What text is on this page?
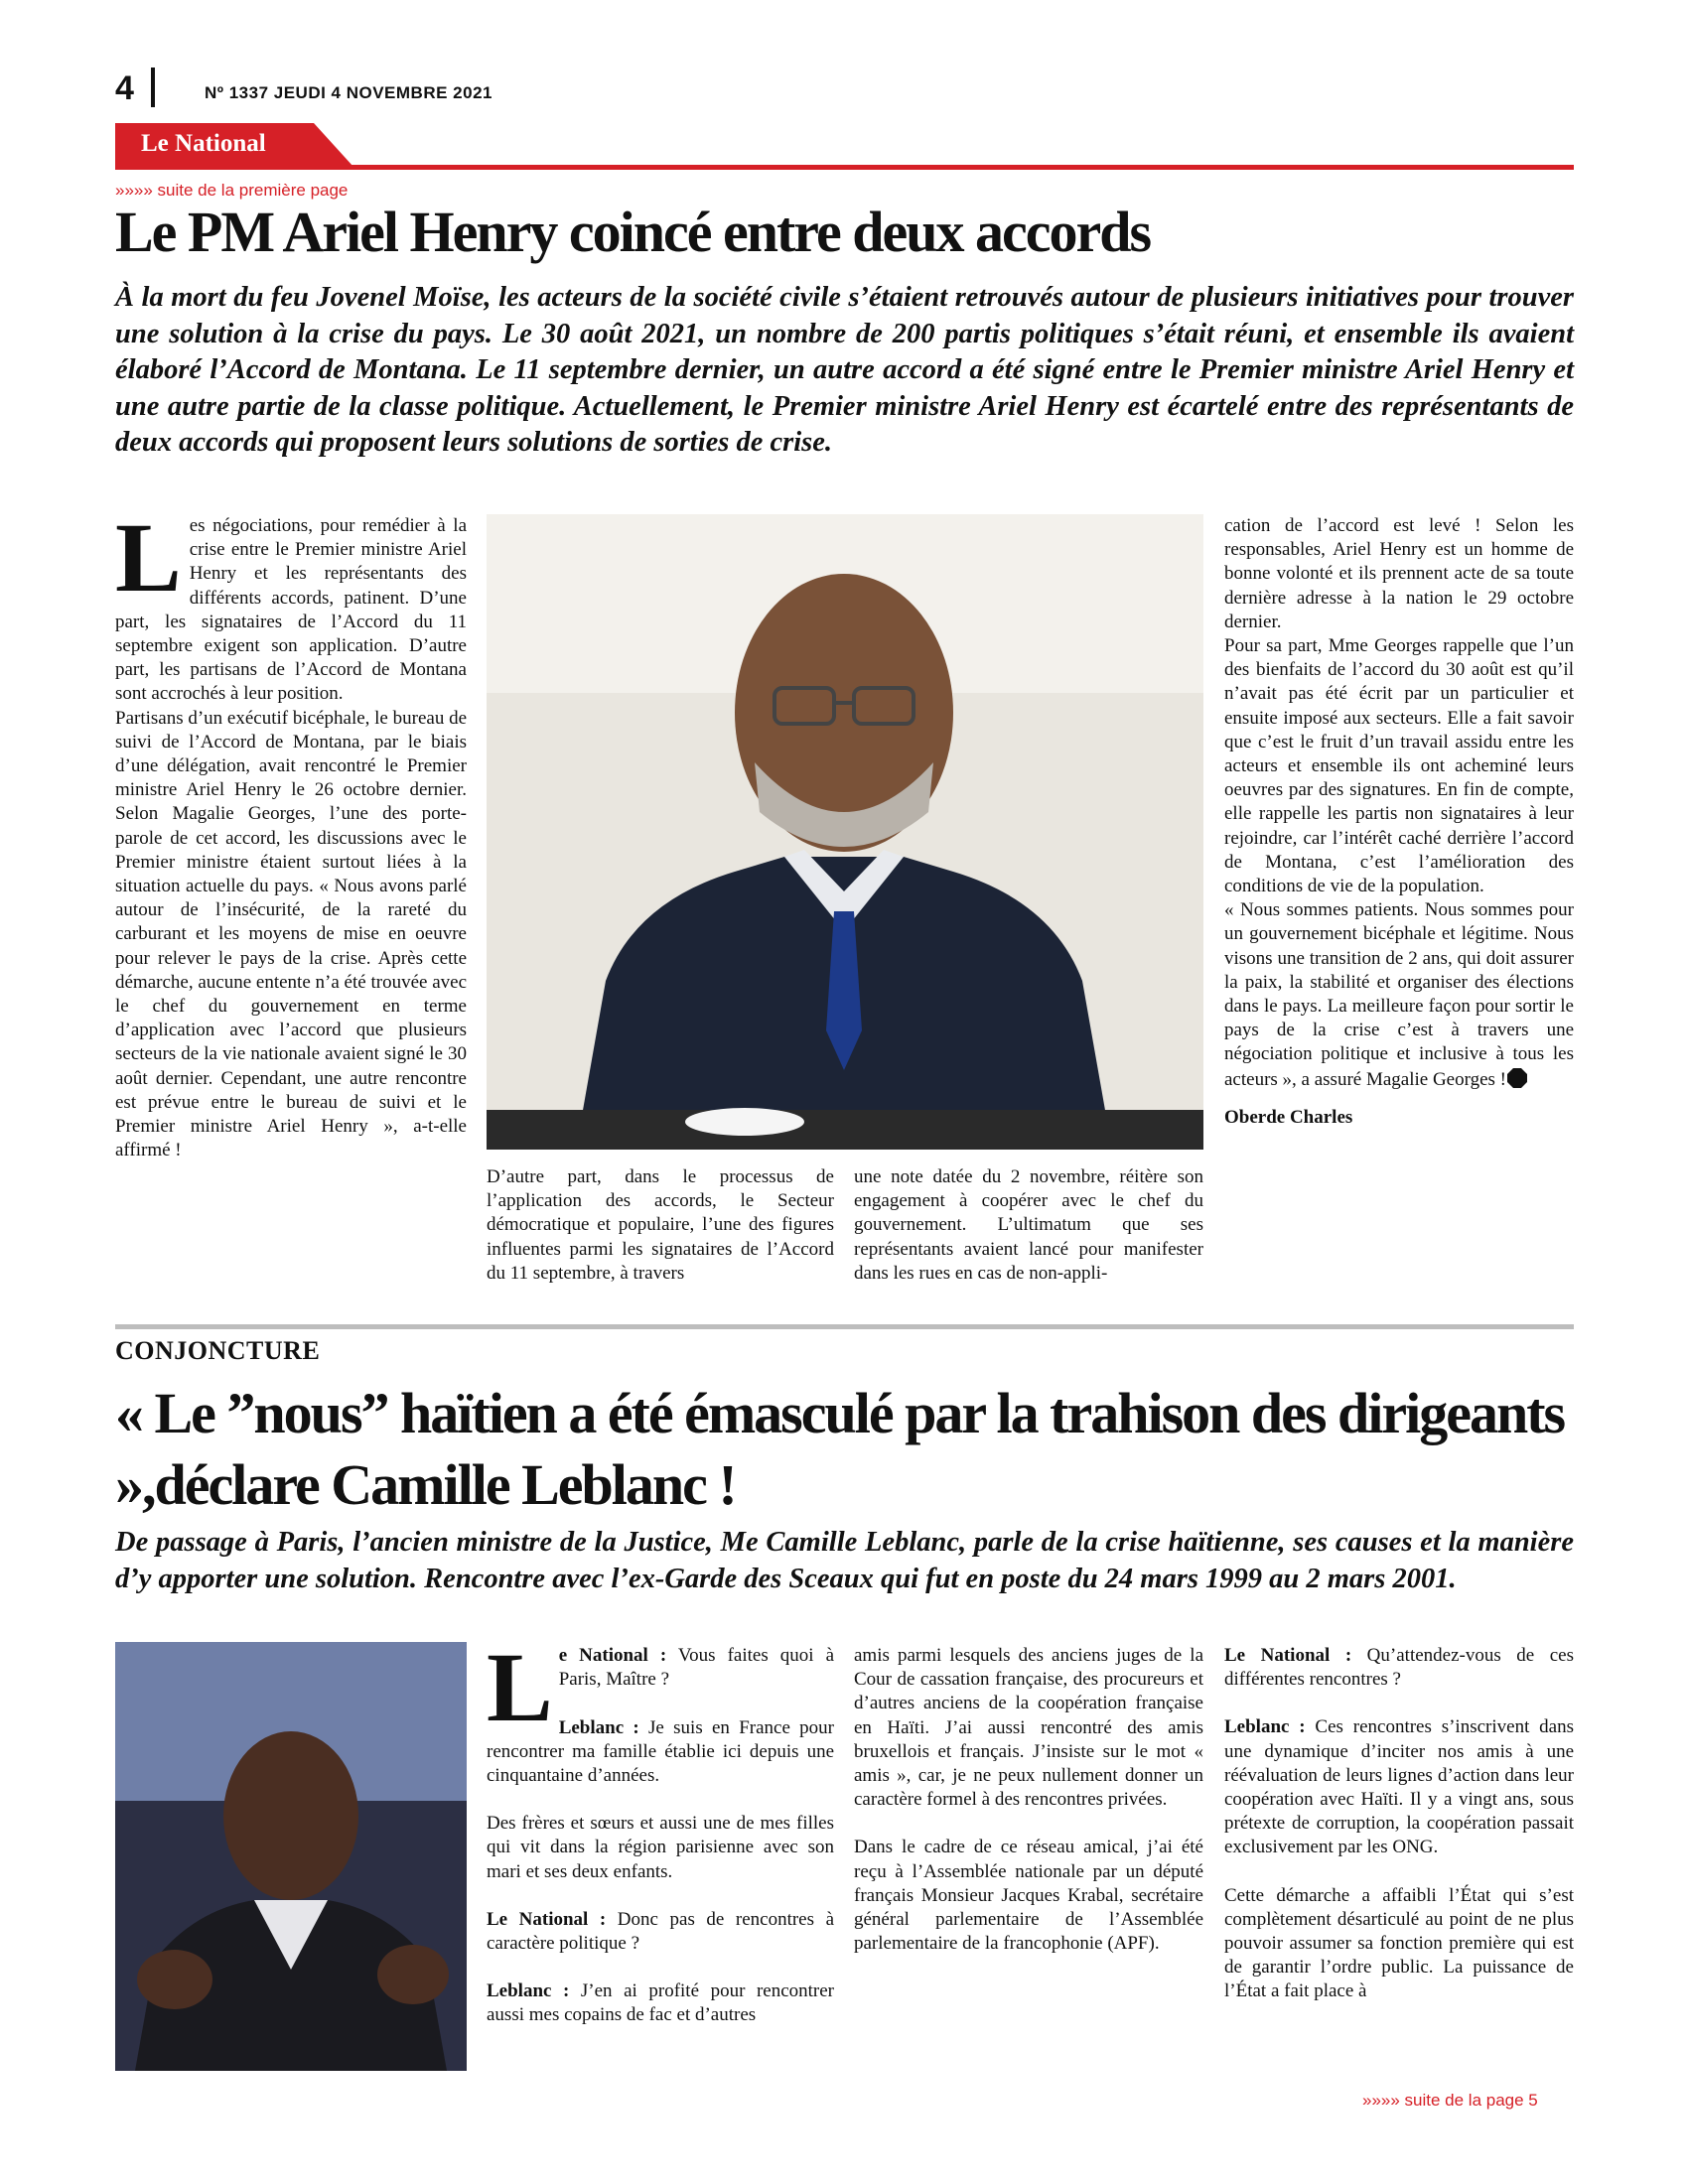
4	Nº 1337 JEUDI 4 NOVEMBRE 2021
Le National
»»»» suite de la première page
Le PM Ariel Henry coincé entre deux accords
À la mort du feu Jovenel Moïse, les acteurs de la société civile s’étaient retrouvés autour de plusieurs initiatives pour trouver une solution à la crise du pays. Le 30 août 2021, un nombre de 200 partis politiques s’était réuni, et ensemble ils avaient élaboré l’Accord de Montana. Le 11 septembre dernier, un autre accord a été signé entre le Premier ministre Ariel Henry et une autre partie de la classe politique. Actuellement, le Premier ministre Ariel Henry est écartelé entre des représentants de deux accords qui proposent leurs solutions de sorties de crise.

Les négociations, pour remédier à la crise entre le Premier ministre Ariel Henry et les représentants des différents accords, patinent. D’une part, les signataires de l’Accord du 11 septembre exigent son application. D’autre part, les partisans de l’Accord de Montana sont accrochés à leur position.

Partisans d’un exécutif bicéphale, le bureau de suivi de l’Accord de Montana, par le biais d’une délégation, avait rencontré le Premier ministre Ariel Henry le 26 octobre dernier. Selon Magalie Georges, l’une des porte-parole de cet accord, les discussions avec le Premier ministre étaient surtout liées à la situation actuelle du pays. « Nous avons parlé autour de l’insécurité, de la rareté du carburant et les moyens de mise en oeuvre pour relever le pays de la crise. Après cette démarche, aucune entente n’a été trouvée avec le chef du gouvernement en terme d’application avec l’accord que plusieurs secteurs de la vie nationale avaient signé le 30 août dernier. Cependant, une autre rencontre est prévue entre le bureau de suivi et le Premier ministre Ariel Henry », a-t-elle affirmé !

D’autre part, dans le processus de l’application des accords, le Secteur démocratique et populaire, l’une des figures influentes parmi les signataires de l’Accord du 11 septembre, à travers
une note datée du 2 novembre, réitère son engagement à coopérer avec le chef du gouvernement. L’ultimatum que ses représentants avaient lancé pour manifester dans les rues en cas de non-appli-

cation de l’accord est levé ! Selon les responsables, Ariel Henry est un homme de bonne volonté et ils prennent acte de sa toute dernière adresse à la nation le 29 octobre dernier.

Pour sa part, Mme Georges rappelle que l’un des bienfaits de l’accord du 30 août est qu’il n’avait pas été écrit par un particulier et ensuite imposé aux secteurs. Elle a fait savoir que c’est le fruit d’un travail assidu entre les acteurs et ensemble ils ont acheminé leurs oeuvres par des signatures. En fin de compte, elle rappelle les partis non signataires à leur rejoindre, car l’intérêt caché derrière l’accord de Montana, c’est l’amélioration des conditions de vie de la population.

« Nous sommes patients. Nous sommes pour un gouvernement bicéphale et légitime. Nous visons une transition de 2 ans, qui doit assurer la paix, la stabilité et organiser des élections dans le pays. La meilleure façon pour sortir le pays de la crise c’est à travers une négociation politique et inclusive à tous les acteurs », a assuré Magalie Georges !

Oberde Charles

CONJONCTURE
« Le ”nous” haïtien a été émasculé par la trahison des dirigeants »,déclare Camille Leblanc !
De passage à Paris, l’ancien ministre de la Justice, Me Camille Leblanc, parle de la crise haïtienne, ses causes et la manière d’y apporter une solution. Rencontre avec l’ex-Garde des Sceaux qui fut en poste du 24 mars 1999 au 2 mars 2001.

Le National : Vous faites quoi à Paris, Maître ?

Leblanc : Je suis en France pour rencontrer ma famille établie ici depuis une cinquantaine d’années.

Des frères et sœurs et aussi une de mes filles qui vit dans la région parisienne avec son mari et ses deux enfants.

Le National : Donc pas de rencontres à caractère politique ?

Leblanc : J’en ai profité pour rencontrer aussi mes copains de fac et d’autres

amis parmi lesquels des anciens juges de la Cour de cassation française, des procureurs et d’autres anciens de la coopération française en Haïti. J’ai aussi rencontré des amis bruxellois et français. J’insiste sur le mot « amis », car, je ne peux nullement donner un caractère formel à des rencontres privées.

Dans le cadre de ce réseau amical, j’ai été reçu à l’Assemblée nationale par un député français Monsieur Jacques Krabal, secrétaire général parlementaire de l’Assemblée parlementaire de la francophonie (APF).

Le National : Qu’attendez-vous de ces différentes rencontres ?

Leblanc : Ces rencontres s’inscrivent dans une dynamique d’inciter nos amis à une réévaluation de leurs lignes d’action dans leur coopération avec Haïti. Il y a vingt ans, sous prétexte de corruption, la coopération passait exclusivement par les ONG.

Cette démarche a affaibli l’État qui s’est complètement désarticulé au point de ne plus pouvoir assumer sa fonction première qui est de garantir l’ordre public. La puissance de l’État a fait place à

»»»» suite de la page 5
